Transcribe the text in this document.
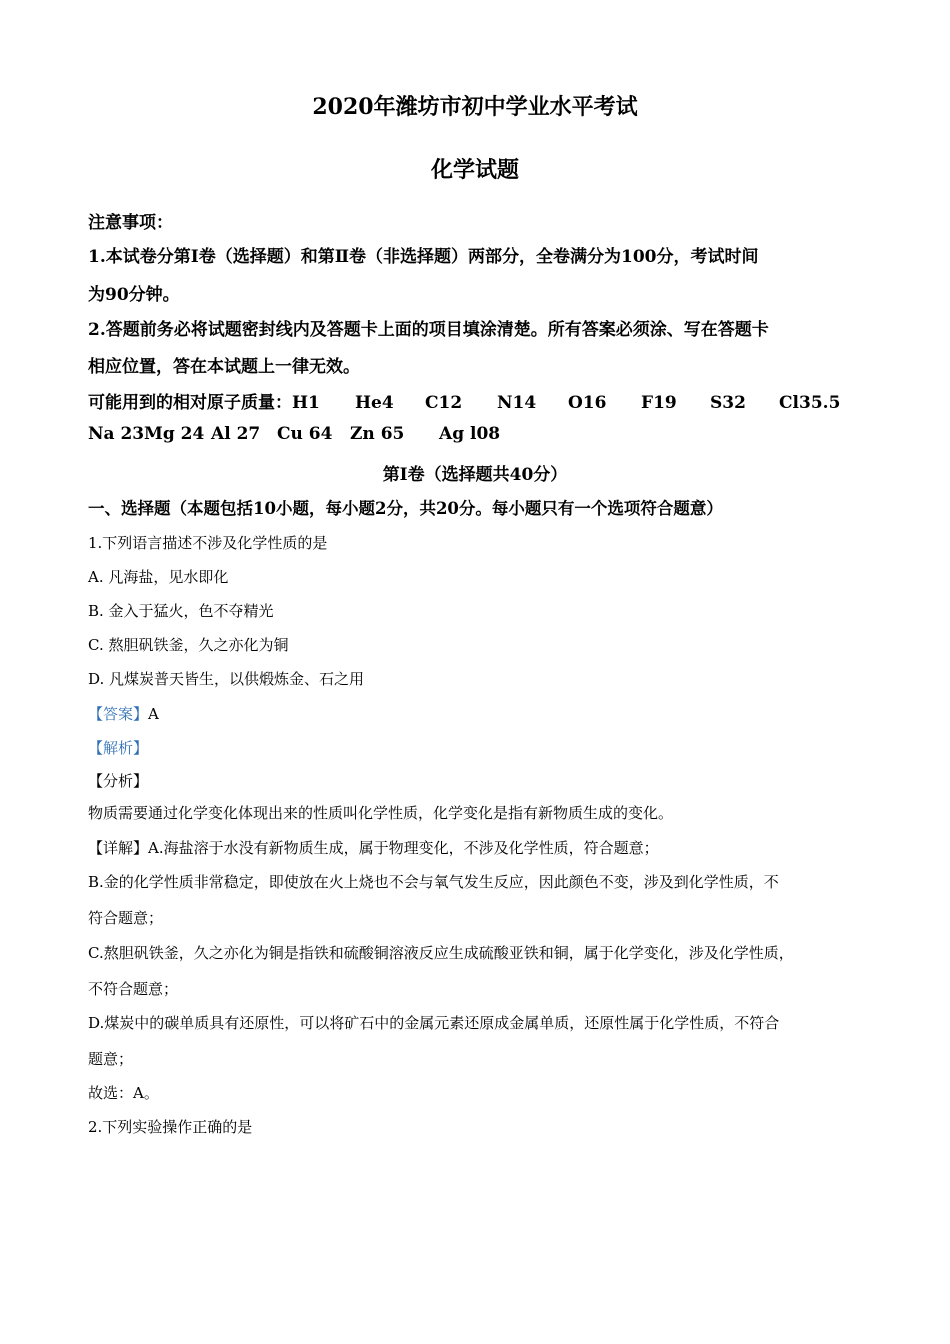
2020年潍坊市初中学业水平考试
化学试题
注意事项：
1.本试卷分第Ⅰ卷（选择题）和第Ⅱ卷（非选择题）两部分，全卷满分为100分，考试时间
为90分钟。
2.答题前务必将试题密封线内及答题卡上面的项目填涂清楚。所有答案必须涂、写在答题卡
相应位置，答在本试题上一律无效。
可能用到的相对原子质量：H1 He4 C12 N14 O16 F19 S32 Cl35.5
Na 23Mg 24 Al 27 Cu 64 Zn 65 Ag l08
第I卷（选择题共40分）
一、选择题（本题包括10小题，每小题2分，共20分。每小题只有一个选项符合题意）
1.下列语言描述不涉及化学性质的是
A. 凡海盐，见水即化
B. 金入于猛火，色不夺精光
C. 熬胆矾铁釜，久之亦化为铜
D. 凡煤炭普天皆生，以供煅炼金、石之用
【答案】A
【解析】
【分析】
物质需要通过化学变化体现出来的性质叫化学性质，化学变化是指有新物质生成的变化。
【详解】A.海盐溶于水没有新物质生成，属于物理变化，不涉及化学性质，符合题意；
B.金的化学性质非常稳定，即使放在火上烧也不会与氧气发生反应，因此颜色不变，涉及到化学性质，不
符合题意；
C.熬胆矾铁釜，久之亦化为铜是指铁和硫酸铜溶液反应生成硫酸亚铁和铜，属于化学变化，涉及化学性质，
不符合题意；
D.煤炭中的碳单质具有还原性，可以将矿石中的金属元素还原成金属单质，还原性属于化学性质，不符合
题意；
故选：A。
2.下列实验操作正确的是
